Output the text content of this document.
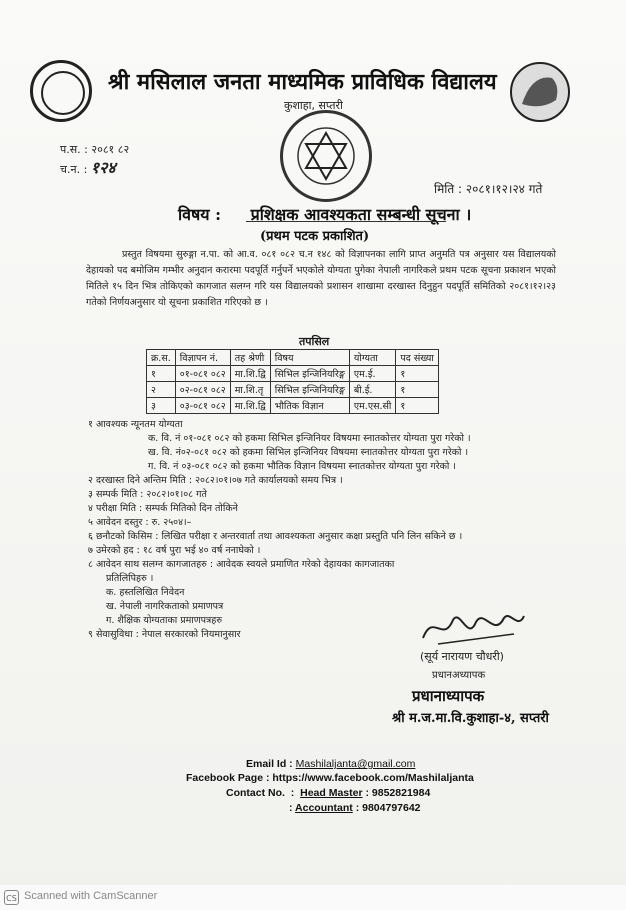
श्री मसिलाल जनता माध्यमिक प्राविधिक विद्यालय
कुशाहा, सप्तरी
प.स. : २०८१ ८२
च.न. : १२४
मिति : २०८१।१२।२४ गते
विषय : प्रशिक्षक आवश्यकता सम्बन्धी सूचना ।
(प्रथम पटक प्रकाशित)
प्रस्तुत विषयमा सुरुङ्गा न.पा. को आ.व. ०८१ ०८२ च.न १४८ को विज्ञापनका लागि प्राप्त अनुमति पत्र अनुसार यस विद्यालयको देहायको पद बमोजिम गम्भीर अनुदान करारमा पदपूर्ति गर्नुपर्ने भएकोले योग्यता पुगेका नेपाली नागरिकले प्रथम पटक सूचना प्रकाशन भएको मितिले १५ दिन भित्र तोकिएको कागजात सलग्न गरि यस विद्यालयको प्रशासन शाखामा दरखास्त दिनुहुन पदपूर्ति समितिको २०८१।१२।२३ गतेको निर्णयअनुसार यो सूचना प्रकाशित गरिएको छ ।
तपसिल
क्र.स.	विज्ञापन नं.	तह श्रेणी	विषय	योग्यता	पद संख्या
१	०१-०८१ ०८२	मा.शि.द्वि	सिभिल इन्जिनियरिङ्ग	एम.ई.	१
२	०२-०८१ ०८२	मा.शि.तृ	सिभिल इन्जिनियरिङ्ग	बी.ई.	१
३	०३-०८१ ०८२	मा.शि.द्वि	भौतिक विज्ञान	एम.एस.सी	१
१ आवश्यक न्यूनतम योग्यता
क. वि. नं ०१-०८१ ०८२ को हकमा सिभिल इन्जिनियर विषयमा स्नातकोत्तर योग्यता पुरा गरेको ।
ख. वि. नं०२-०८१ ०८२ को हकमा सिभिल इन्जिनियर विषयमा स्नातकोत्तर योग्यता पुरा गरेको ।
ग. वि. नं ०३-०८१ ०८२ को हकमा भौतिक विज्ञान विषयमा स्नातकोत्तर योग्यता पुरा गरेको ।
२ दरखास्त दिने अन्तिम मिति : २०८२।०१।०७ गते कार्यालयको समय भित्र ।
३ सम्पर्क मिति : २०८२।०१।०८ गते
४ परीक्षा मिति : सम्पर्क मितिको दिन तोकिने
५ आवेदन दस्तुर : रु. २५०४।–
६ छनौटको किसिम : लिखित परीक्षा र अन्तरवार्ता तथा आवश्यकता अनुसार कक्षा प्रस्तुति पनि लिन सकिने छ ।
७ उमेरको हद : १८ वर्ष पुरा भई ४० वर्ष ननाघेको ।
८ आवेदन साथ सलग्न कागजातहरु : आवेदक स्वयले प्रमाणित गरेको देहायका कागजातका
प्रतिलिपिहरु ।
क. हस्तलिखित निवेदन
ख. नेपाली नागरिकताको प्रमाणपत्र
ग. शैक्षिक योग्यताका प्रमाणपत्रहरु
९ सेवासुविधा : नेपाल सरकारको नियमानुसार
(सूर्य नारायण चौधरी)
प्रधानअध्यापक
प्रधानाध्यापक
श्री म.ज.मा.वि.कुशाहा-४, सप्तरी
Email Id : Mashilaljanta@gmail.com
Facebook Page : https://www.facebook.com/Mashilaljanta
Contact No.  :  Head Master : 9852821984
: Accountant : 9804797642
CS Scanned with CamScanner
